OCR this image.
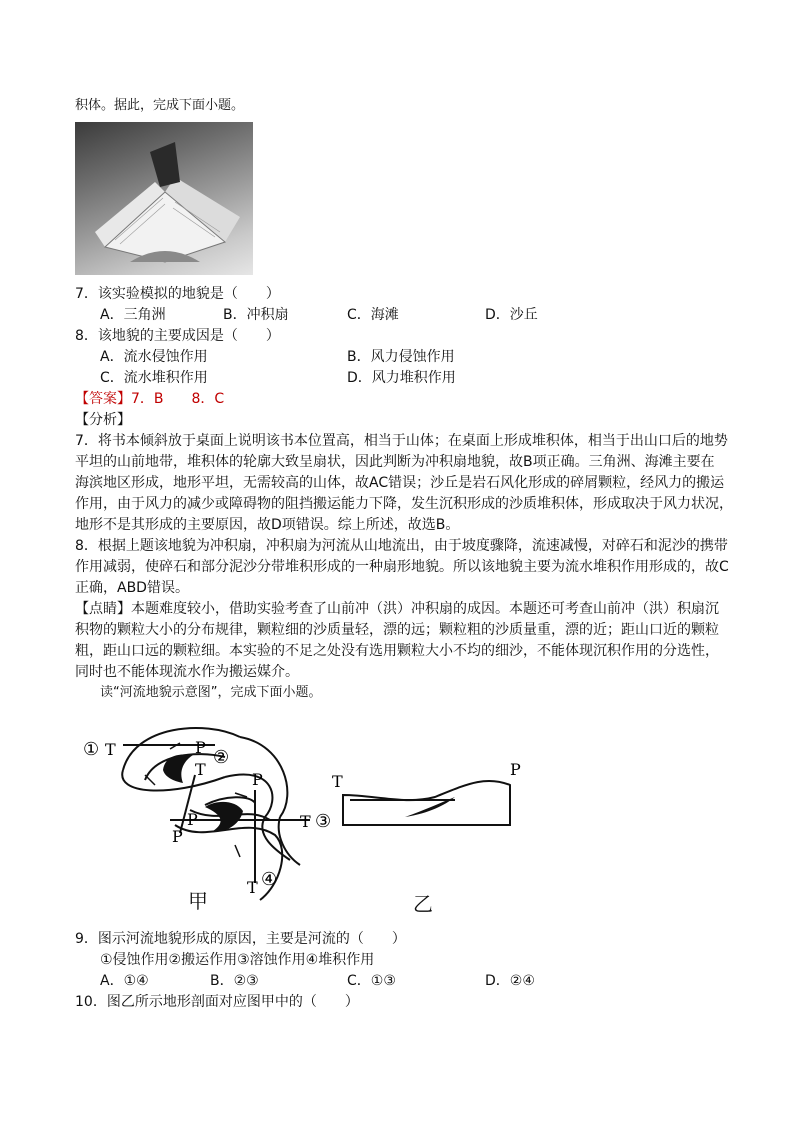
积体。据此，完成下面小题。
7．该实验模拟的地貌是（　　）
A．三角洲	B．冲积扇	C．海滩	D．沙丘
8．该地貌的主要成因是（　　）
A．流水侵蚀作用	B．风力侵蚀作用
C．流水堆积作用	D．风力堆积作用
【答案】7．B　　8．C
【分析】
7．将书本倾斜放于桌面上说明该书本位置高，相当于山体；在桌面上形成堆积体，相当于出山口后的地势
平坦的山前地带，堆积体的轮廓大致呈扇状，因此判断为冲积扇地貌，故B项正确。三角洲、海滩主要在
海滨地区形成，地形平坦，无需较高的山体，故AC错误；沙丘是岩石风化形成的碎屑颗粒，经风力的搬运
作用，由于风力的减少或障碍物的阻挡搬运能力下降，发生沉积形成的沙质堆积体，形成取决于风力状况，
地形不是其形成的主要原因，故D项错误。综上所述，故选B。
8．根据上题该地貌为冲积扇，冲积扇为河流从山地流出，由于坡度骤降，流速减慢，对碎石和泥沙的携带
作用减弱，使碎石和部分泥沙分带堆积形成的一种扇形地貌。所以该地貌主要为流水堆积作用形成的，故C
正确，ABD错误。
【点睛】本题难度较小，借助实验考查了山前冲（洪）冲积扇的成因。本题还可考查山前冲（洪）积扇沉
积物的颗粒大小的分布规律，颗粒细的沙质量轻，漂的远；颗粒粗的沙质量重，漂的近；距山口近的颗粒
粗，距山口远的颗粒细。本实验的不足之处没有选用颗粒大小不均的细沙，不能体现沉积作用的分选性，
同时也不能体现流水作为搬运媒介。
读“河流地貌示意图”，完成下面小题。
① T	P ②
T
P
P	T ③
P
T ④
T
P
甲	乙
9．图示河流地貌形成的原因，主要是河流的（　　）
①侵蚀作用②搬运作用③溶蚀作用④堆积作用
A．①④	B．②③	C．①③	D．②④
10．图乙所示地形剖面对应图甲中的（　　）
